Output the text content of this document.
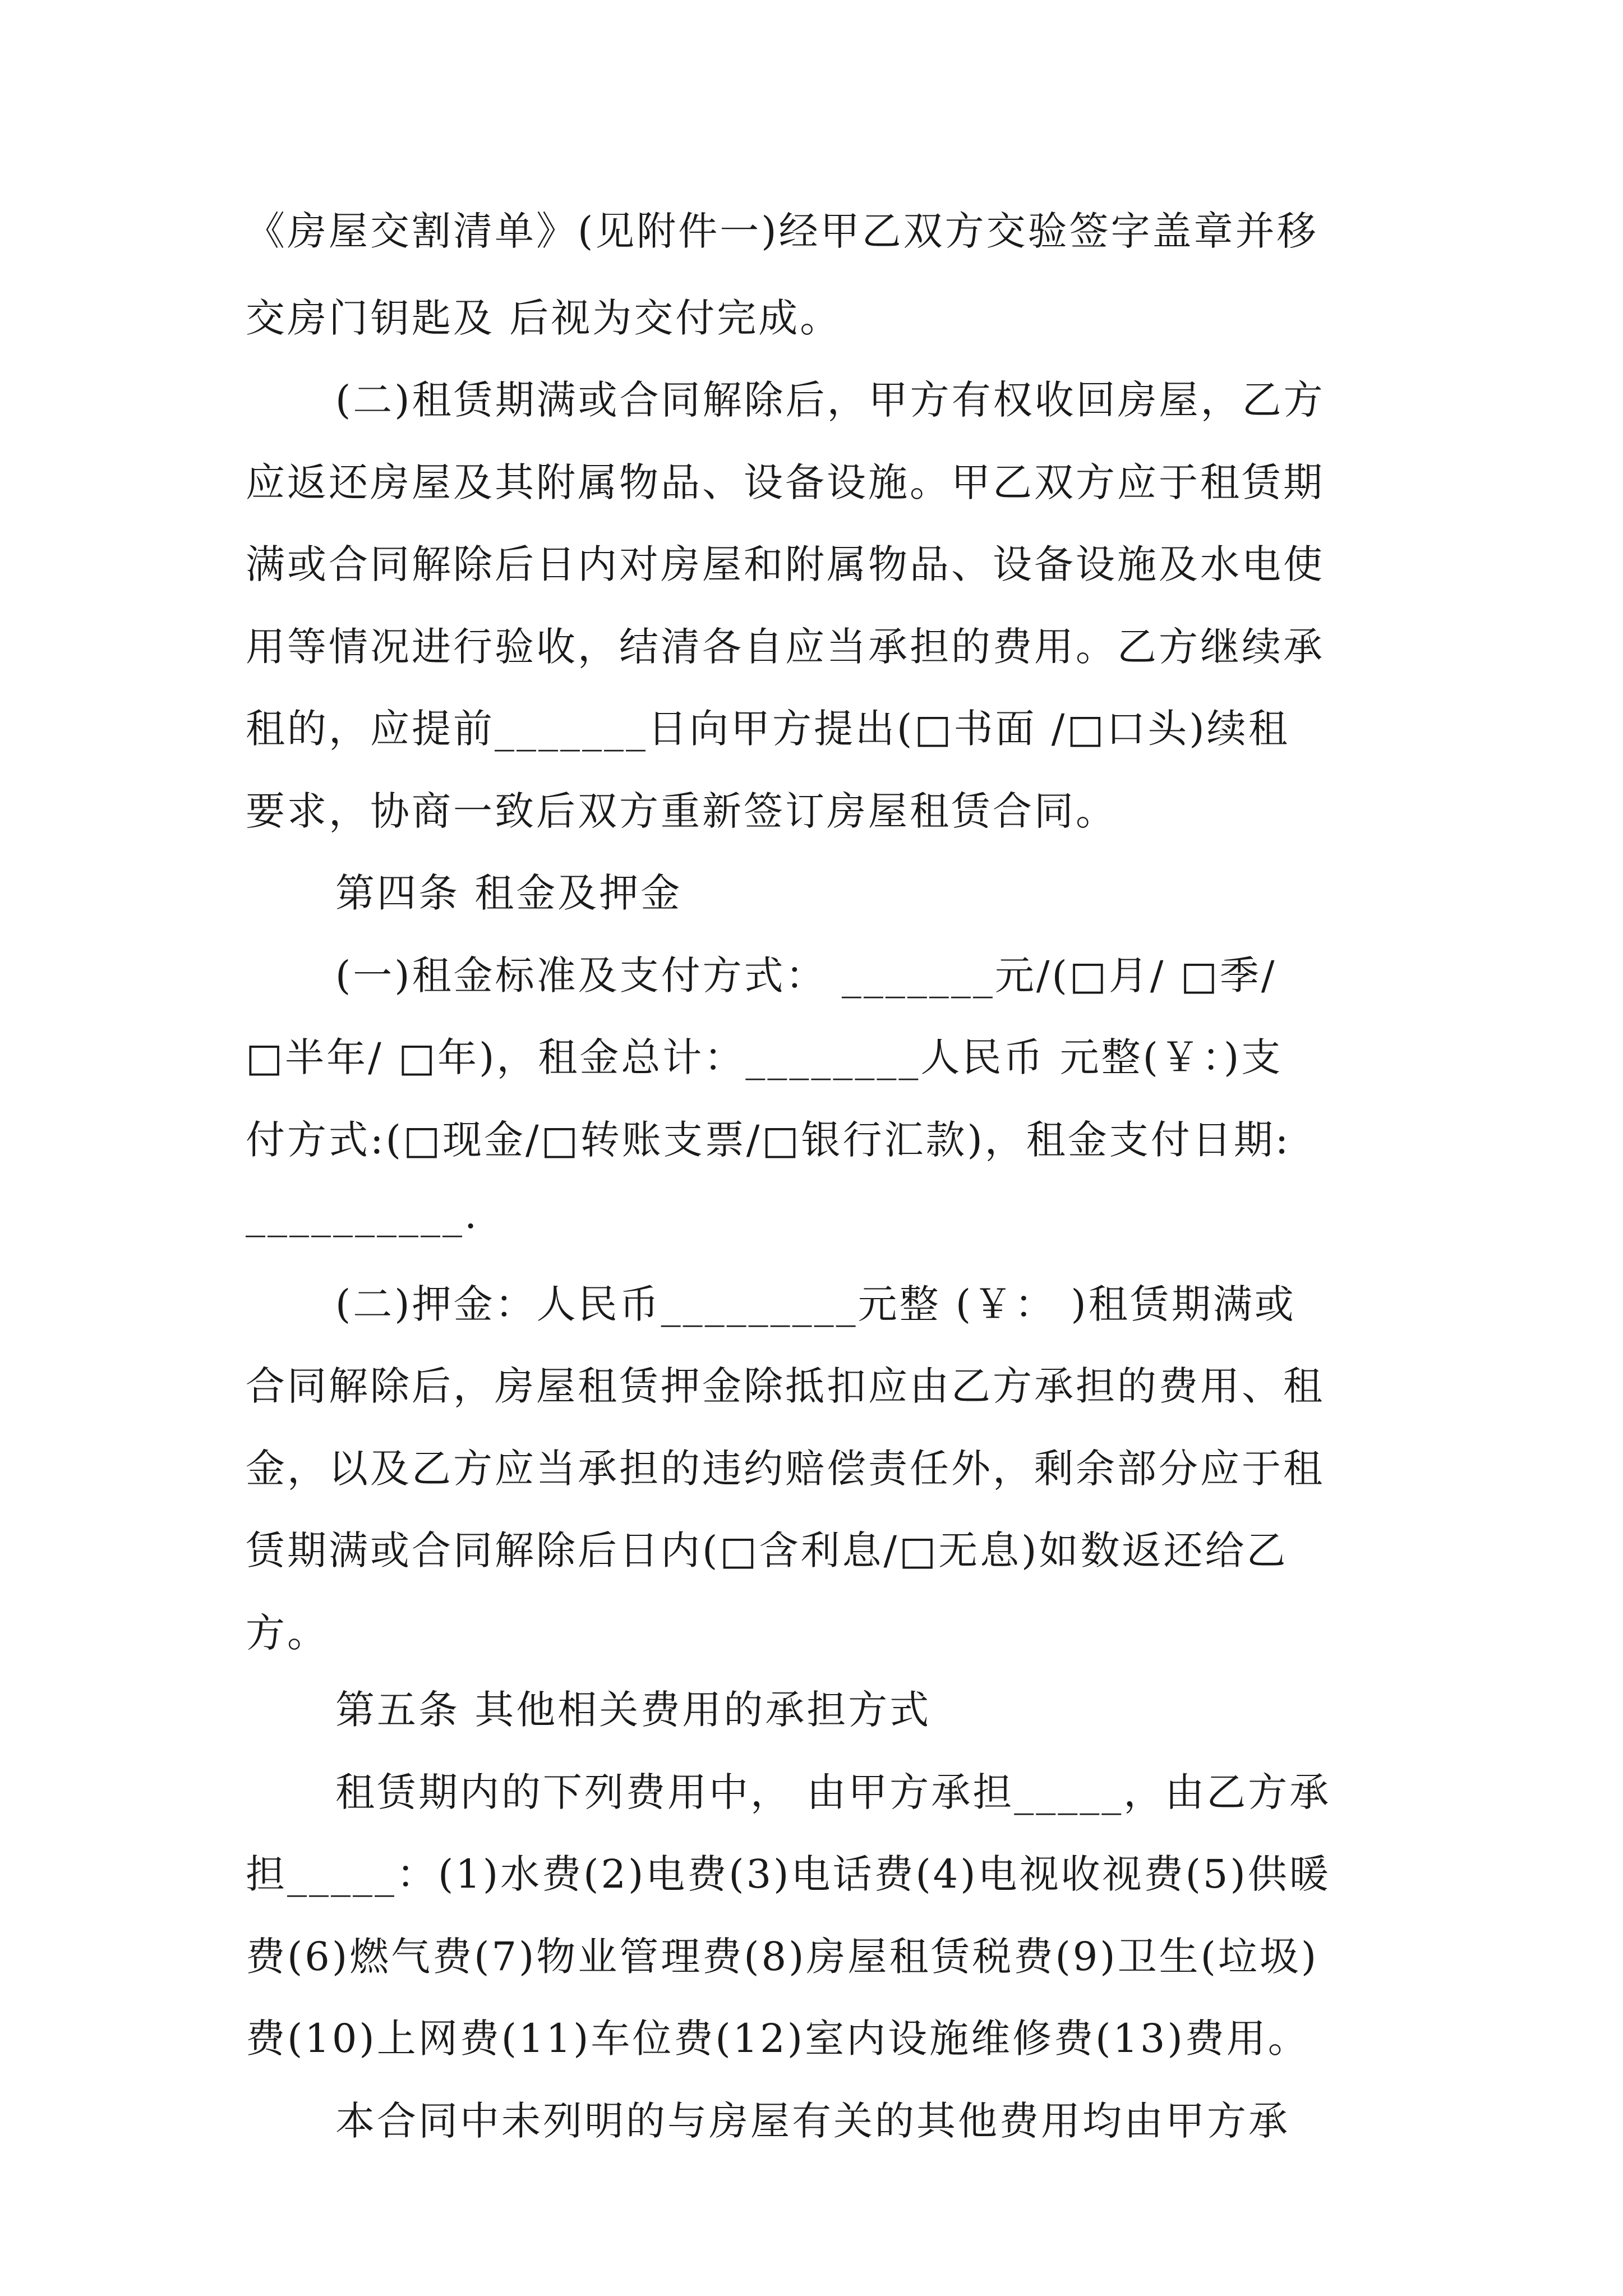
《房屋交割清单》(见附件一)经甲乙双方交验签字盖章并移
交房门钥匙及 后视为交付完成。
(二)租赁期满或合同解除后，甲方有权收回房屋，乙方
应返还房屋及其附属物品、设备设施。甲乙双方应于租赁期
满或合同解除后日内对房屋和附属物品、设备设施及水电使
用等情况进行验收，结清各自应当承担的费用。乙方继续承
租的，应提前_______日向甲方提出(□书面 /□口头)续租
要求，协商一致后双方重新签订房屋租赁合同。
第四条 租金及押金
(一)租金标准及支付方式： _______元/(□月/ □季/
□半年/ □年)，租金总计：________人民币 元整(￥：)支
付方式:(□现金/□转账支票/□银行汇款)，租金支付日期:
__________.
(二)押金：人民币_________元整 (￥： )租赁期满或
合同解除后，房屋租赁押金除抵扣应由乙方承担的费用、租
金，以及乙方应当承担的违约赔偿责任外，剩余部分应于租
赁期满或合同解除后日内(□含利息/□无息)如数返还给乙
方。
第五条 其他相关费用的承担方式
租赁期内的下列费用中， 由甲方承担_____，由乙方承
担_____：(1)水费(2)电费(3)电话费(4)电视收视费(5)供暖
费(6)燃气费(7)物业管理费(8)房屋租赁税费(9)卫生(垃圾)
费(10)上网费(11)车位费(12)室内设施维修费(13)费用。
本合同中未列明的与房屋有关的其他费用均由甲方承
